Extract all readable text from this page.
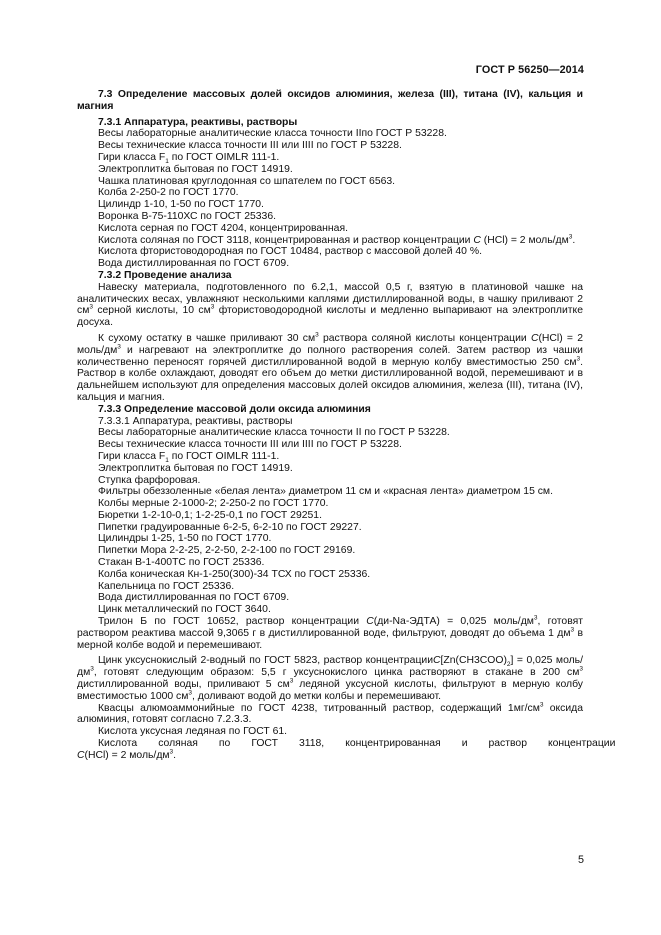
ГОСТ Р 56250—2014

7.3 Определение массовых долей оксидов алюминия, железа (III), титана (IV), кальция и магния

7.3.1 Аппаратура, реактивы, растворы

Весы лабораторные аналитические класса точности IIпо ГОСТ Р 53228.

Весы технические класса точности III или IIII по ГОСТ Р 53228.

Гири класса $F_1$ по ГОСТ OIMLR 111-1.

Электроплитка бытовая по ГОСТ 14919.

Чашка платиновая круглодонная со шпателем по ГОСТ 6563.

Колба 2-250-2 по ГОСТ 1770.

Цилиндр 1-10, 1-50 по ГОСТ 1770.

Воронка В-75-110ХС по ГОСТ 25336.

Кислота серная по ГОСТ 4204, концентрированная.

Кислота соляная по ГОСТ 3118, концентрированная и раствор концентрации С (HCl) = 2 моль/$дм^3$.

Кислота фтористоводородная по ГОСТ 10484, раствор с массовой долей 40 %.

Вода дистиллированная по ГОСТ 6709.

7.3.2 Проведение анализа

Навеску материала, подготовленного по 6.2,1, массой 0,5 г, взятую в платиновой чашке на аналитических весах, увлажняют несколькими каплями дистиллированной воды, в чашку приливают 2 $см^3$ серной кислоты, 10 $см^3$ фтористоводородной кислоты и медленно выпаривают на электроплитке досуха.

К сухому остатку в чашке приливают 30 $см^3$ раствора соляной кислоты концентрации С(HCl) = 2 моль/$дм^3$ и нагревают на электроплитке до полного растворения солей. Затем раствор из чашки количественно переносят горячей дистиллированной водой в мерную колбу вместимостью 250 $см^3$. Раствор в колбе охлаждают, доводят его объем до метки дистиллированной водой, перемешивают и в дальнейшем используют для определения массовых долей оксидов алюминия, железа (III), титана (IV), кальция и магния.

7.3.3 Определение массовой доли оксида алюминия

7.3.3.1 Аппаратура, реактивы, растворы

Весы лабораторные аналитические класса точности II по ГОСТ Р 53228.

Весы технические класса точности III или IIII по ГОСТ Р 53228.

Гири класса $F_1$ по ГОСТ OIMLR 111-1.

Электроплитка бытовая по ГОСТ 14919.

Ступка фарфоровая.

Фильтры обеззоленные «белая лента» диаметром 11 см и «красная лента» диаметром 15 см.

Колбы мерные 2-1000-2; 2-250-2 по ГОСТ 1770.

Бюретки 1-2-10-0,1; 1-2-25-0,1 по ГОСТ 29251.

Пипетки градуированные 6-2-5, 6-2-10 по ГОСТ 29227.

Цилиндры 1-25, 1-50 по ГОСТ 1770.

Пипетки Мора 2-2-25, 2-2-50, 2-2-100 по ГОСТ 29169.

Стакан В-1-400ТС по ГОСТ 25336.

Колба коническая Кн-1-250(300)-34 ТСХ по ГОСТ 25336.

Капельница по ГОСТ 25336.

Вода дистиллированная по ГОСТ 6709.

Цинк металлический по ГОСТ 3640.

Трилон Б по ГОСТ 10652, раствор концентрации С(ди-Na-ЭДТА) = 0,025 моль/$дм^3$, готовят раствором реактива массой 9,3065 г в дистиллированной воде, фильтруют, доводят до объема 1 $дм^3$ в мерной колбе водой и перемешивают.

Цинк уксуснокислый 2-водный по ГОСТ 5823, раствор $концентрацииС[Zn(CH3COO)_2] = 0,025$ моль/$дм^3$, готовят следующим образом: 5,5 г уксуснокислого цинка растворяют в стакане в 200 $см^3$ дистиллированной воды, приливают 5 $см^3$ ледяной уксусной кислоты, фильтруют в мерную колбу вместимостью 1000 $см^3$, доливают водой до метки колбы и перемешивают.

Квасцы алюмоаммонийные по ГОСТ 4238, титрованный раствор, содержащий $1мг/см^3$ оксида алюминия, готовят согласно 7.2.3.3.

Кислота уксусная ледяная по ГОСТ 61.

Кислота	соляная	по	ГОСТ	3118,	концентрированная	и	раствор	концентрации

С(HCl) = 2 моль/$дм^3$.

5
